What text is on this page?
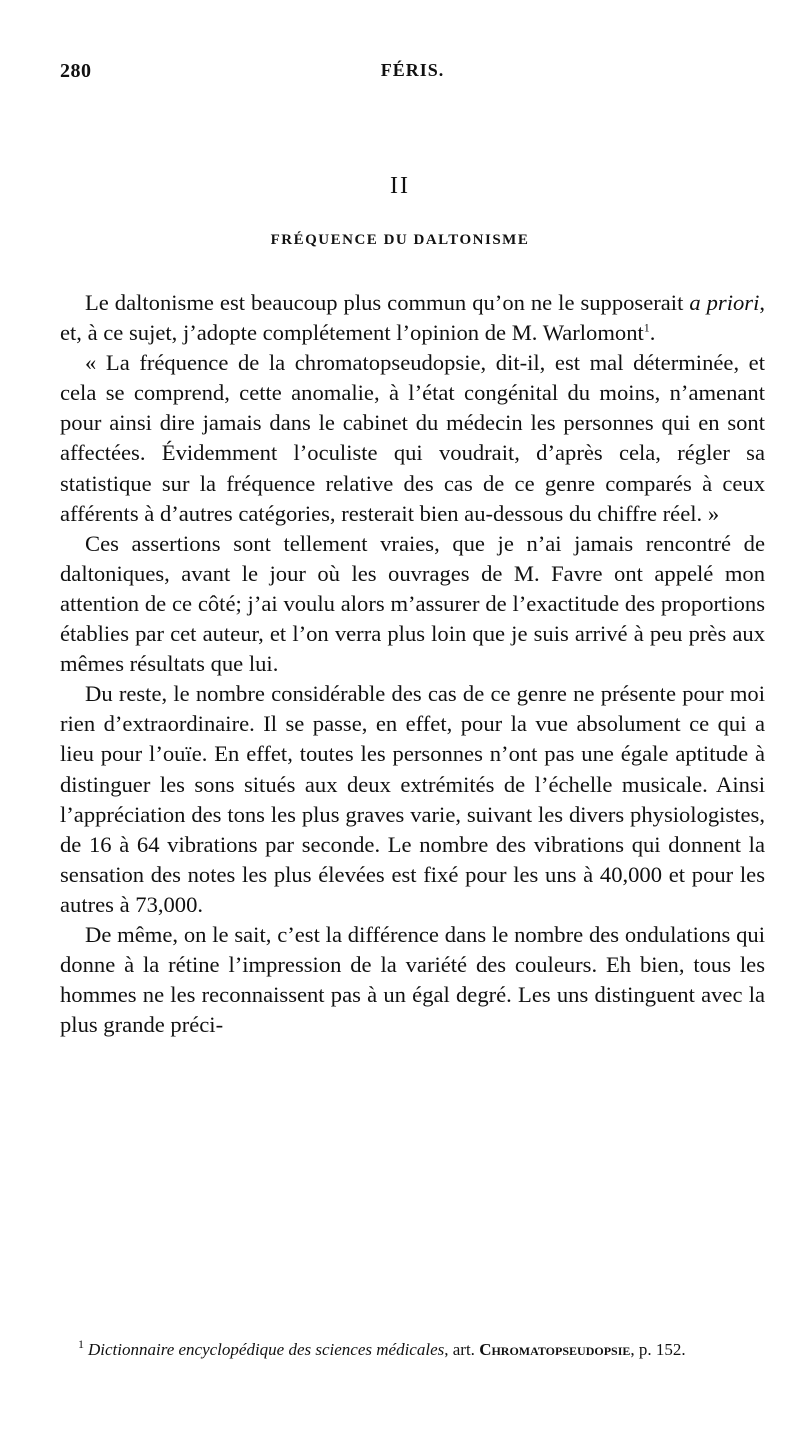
280	FÉRIS.
II
FRÉQUENCE DU DALTONISME

Le daltonisme est beaucoup plus commun qu’on ne le supposerait a priori, et, à ce sujet, j’adopte complétement l’opinion de M. Warlomont$^1$.

« La fréquence de la chromatopseudopsie, dit-il, est mal déterminée, et cela se comprend, cette anomalie, à l’état congénital du moins, n’amenant pour ainsi dire jamais dans le cabinet du médecin les personnes qui en sont affectées. Évidemment l’oculiste qui voudrait, d’après cela, régler sa statistique sur la fréquence relative des cas de ce genre comparés à ceux afférents à d’autres catégories, resterait bien au-dessous du chiffre réel. »

Ces assertions sont tellement vraies, que je n’ai jamais rencontré de daltoniques, avant le jour où les ouvrages de M. Favre ont appelé mon attention de ce côté; j’ai voulu alors m’assurer de l’exactitude des proportions établies par cet auteur, et l’on verra plus loin que je suis arrivé à peu près aux mêmes résultats que lui.

Du reste, le nombre considérable des cas de ce genre ne présente pour moi rien d’extraordinaire. Il se passe, en effet, pour la vue absolument ce qui a lieu pour l’ouïe. En effet, toutes les personnes n’ont pas une égale aptitude à distinguer les sons situés aux deux extrémités de l’échelle musicale. Ainsi l’appréciation des tons les plus graves varie, suivant les divers physiologistes, de 16 à 64 vibrations par seconde. Le nombre des vibrations qui donnent la sensation des notes les plus élevées est fixé pour les uns à 40,000 et pour les autres à 73,000.

De même, on le sait, c’est la différence dans le nombre des ondulations qui donne à la rétine l’impression de la variété des couleurs. Eh bien, tous les hommes ne les reconnaissent pas à un égal degré. Les uns distinguent avec la plus grande préci-

$^1$ Dictionnaire encyclopédique des sciences médicales, art. Chromatopseudopsie, p. 152.
